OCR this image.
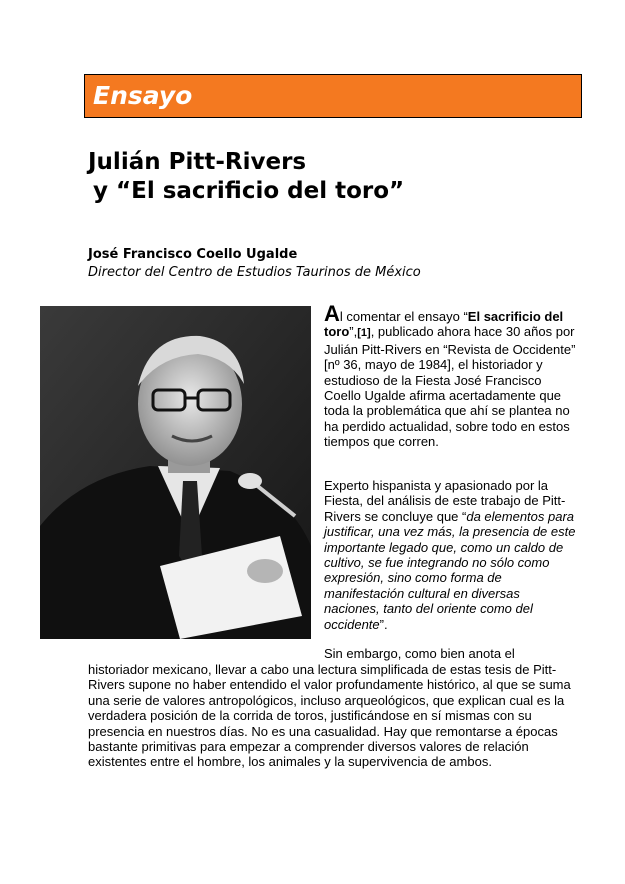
Ensayo
Julián Pitt-Rivers
y “El sacrificio del toro”
José Francisco Coello Ugalde
Director del Centro de Estudios Taurinos de México
Al comentar el ensayo “El sacrificio del toro”,[1], publicado ahora hace 30 años por Julián Pitt-Rivers en “Revista de Occidente” [nº 36, mayo de 1984], el historiador y estudioso de la Fiesta José Francisco Coello Ugalde afirma acertadamente que toda la problemática que ahí se plantea no ha perdido actualidad, sobre todo en estos tiempos que corren.
Experto hispanista y apasionado por la Fiesta, del análisis de este trabajo de Pitt-Rivers se concluye que “da elementos para justificar, una vez más, la presencia de este importante legado que, como un caldo de cultivo, se fue integrando no sólo como expresión, sino como forma de manifestación cultural en diversas naciones, tanto del oriente como del occidente”.
Sin embargo, como bien anota el
historiador mexicano, llevar a cabo una lectura simplificada de estas tesis de Pitt-Rivers supone no haber entendido el valor profundamente histórico, al que se suma una serie de valores antropológicos, incluso arqueológicos, que explican cual es la verdadera posición de la corrida de toros, justificándose en sí mismas con su presencia en nuestros días. No es una casualidad. Hay que remontarse a épocas bastante primitivas para empezar a comprender diversos valores de relación existentes entre el hombre, los animales y la supervivencia de ambos.
